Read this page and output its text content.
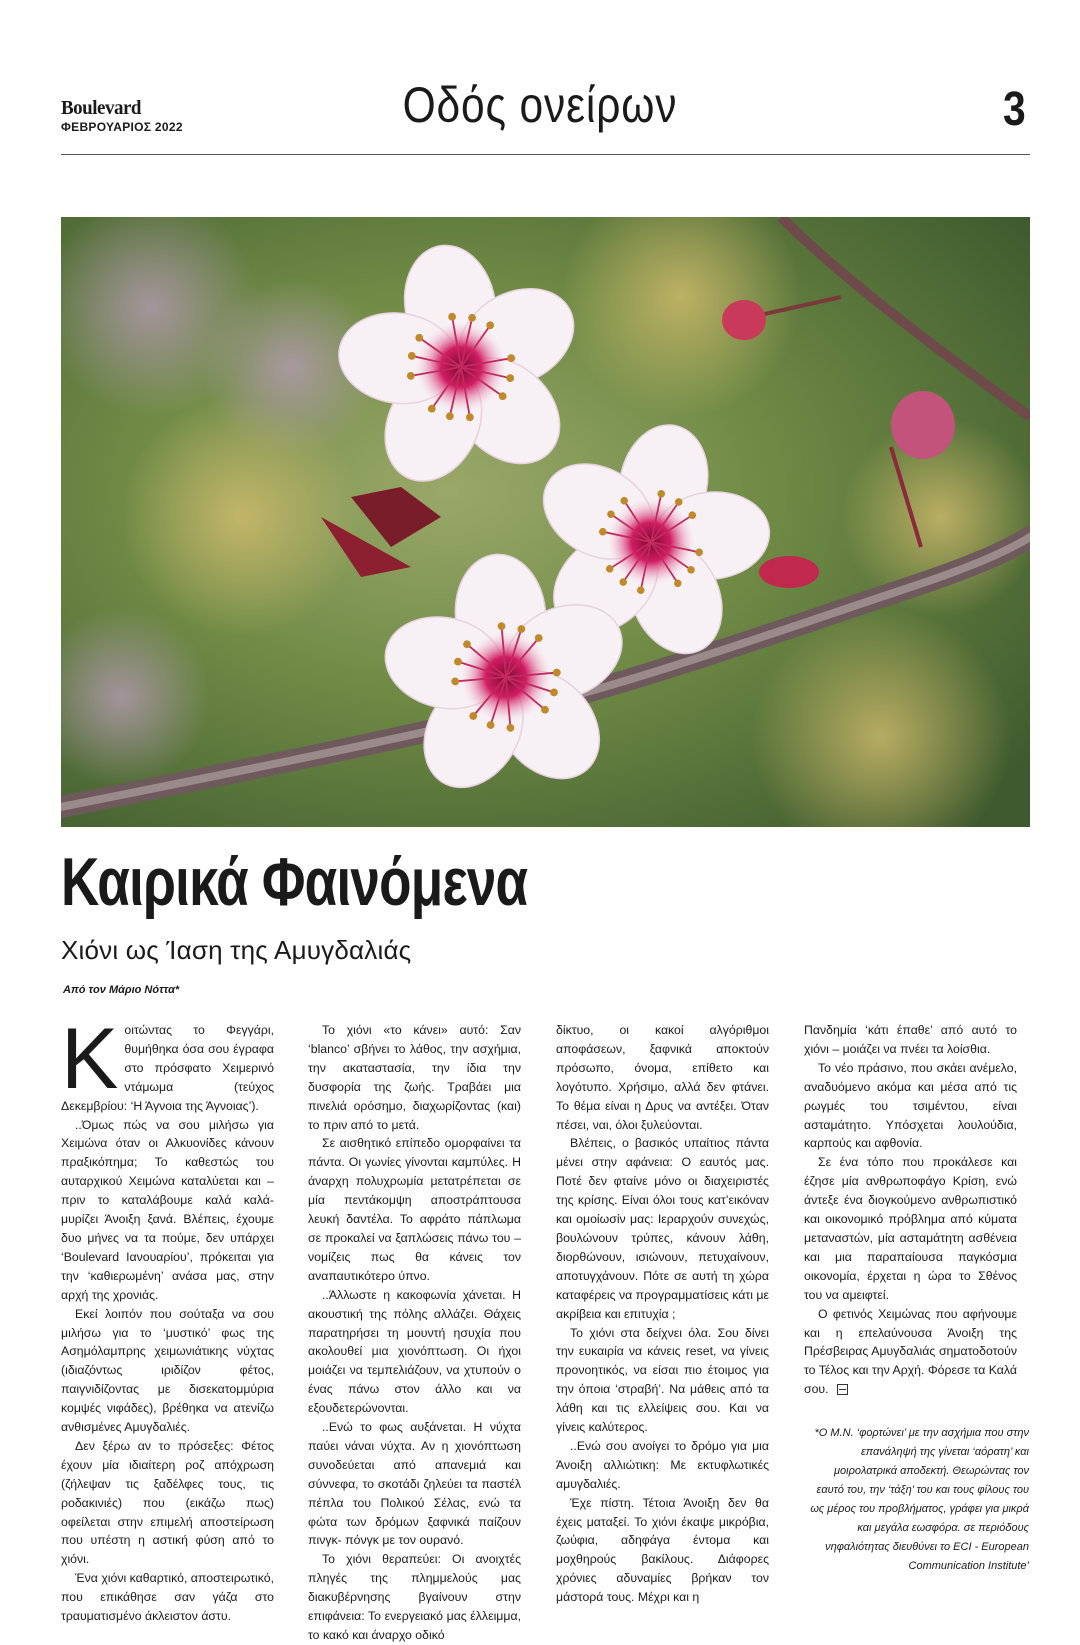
Boulevard
ΦΕΒΡΟΥΑΡΙΟΣ 2022	Οδός ονείρων	3
Καιρικά Φαινόμενα
Χιόνι ως Ίαση της Αμυγδαλιάς
Από τον Μάριο Νόττα*

Κοιτώντας το Φεγγάρι, θυμήθηκα όσα σου έγραφα στο πρόσφατο Χειμερινό ντάμωμα (τεύχος Δεκεμβρίου: ‘Η Άγνοια της Άγνοιας’).

..Όμως πώς να σου μιλήσω για Χειμώνα όταν οι Αλκυονίδες κάνουν πραξικόπημα; Το καθεστώς του αυταρχικού Χειμώνα καταλύεται και –πριν το καταλάβουμε καλά καλά- μυρίζει Άνοιξη ξανά. Βλέπεις, έχουμε δυο μήνες να τα πούμε, δεν υπάρχει ‘Boulevard Ιανουαρίου’, πρόκειται για την ‘καθιερωμένη’ ανάσα μας, στην αρχή της χρονιάς.

Εκεί λοιπόν που σούταξα να σου μιλήσω για το ‘μυστικό’ φως της Ασημόλαμπρης χειμωνιάτικης νύχτας (ιδιαζόντως ιριδίζον φέτος, παιγνιδίζοντας με δισεκατομμύρια κομψές νιφάδες), βρέθηκα να ατενίζω ανθισμένες Αμυγδαλιές.

Δεν ξέρω αν το πρόσεξες: Φέτος έχουν μία ιδιαίτερη ροζ απόχρωση (ζήλεψαν τις ξαδέλφες τους, τις ροδακινιές) που (εικάζω πως) οφείλεται στην επιμελή αποστείρωση που υπέστη η αστική φύση από το χιόνι.

Ένα χιόνι καθαρτικό, αποστειρωτικό, που επικάθησε σαν γάζα στο τραυματισμένο άκλειστον άστυ.

Το χιόνι «το κάνει» αυτό: Σαν ‘blanco’ σβήνει το λάθος, την ασχήμια, την ακαταστασία, την ίδια την δυσφορία της ζωής. Τραβάει μια πινελιά ορόσημο, διαχωρίζοντας (και) το πριν από το μετά.

Σε αισθητικό επίπεδο ομορφαίνει τα πάντα. Οι γωνίες γίνονται καμπύλες. Η άναρχη πολυχρωμία μετατρέπεται σε μία πεντάκομψη αποστράπτουσα λευκή δαντέλα. Το αφράτο πάπλωμα σε προκαλεί να ξαπλώσεις πάνω του – νομίζεις πως θα κάνεις τον αναπαυτικότερο ύπνο.

..Άλλωστε η κακοφωνία χάνεται. Η ακουστική της πόλης αλλάζει. Θάχεις παρατηρήσει τη μουντή ησυχία που ακολουθεί μια χιονόπτωση. Οι ήχοι μοιάζει να τεμπελιάζουν, να χτυπούν ο ένας πάνω στον άλλο και να εξουδετερώνονται.

..Ενώ το φως αυξάνεται. Η νύχτα παύει νάναι νύχτα. Αν η χιονόπτωση συνοδεύεται από απανεμιά και σύννεφα, το σκοτάδι ζηλεύει τα παστέλ πέπλα του Πολικού Σέλας, ενώ τα φώτα των δρόμων ξαφνικά παίζουν πινγκ- πόνγκ με τον ουρανό.

Το χιόνι θεραπεύει: Οι ανοιχτές πληγές της πλημμελούς μας διακυβέρνησης βγαίνουν στην επιφάνεια: Το ενεργειακό μας έλλειμμα, το κακό και άναρχο οδικό

δίκτυο, οι κακοί αλγόριθμοι αποφάσεων, ξαφνικά αποκτούν πρόσωπο, όνομα, επίθετο και λογότυπο. Χρήσιμο, αλλά δεν φτάνει. Το θέμα είναι η Δρυς να αντέξει. Όταν πέσει, ναι, όλοι ξυλεύονται.

Βλέπεις, ο βασικός υπαίτιος πάντα μένει στην αφάνεια: Ο εαυτός μας. Ποτέ δεν φταίνε μόνο οι διαχειριστές της κρίσης. Είναι όλοι τους κατ’εικόναν και ομοίωσίν μας: Ιεραρχούν συνεχώς, βουλώνουν τρύπες, κάνουν λάθη, διορθώνουν, ισιώνουν, πετυχαίνουν, αποτυγχάνουν. Πότε σε αυτή τη χώρα καταφέρεις να προγραμματίσεις κάτι με ακρίβεια και επιτυχία ;

Το χιόνι στα δείχνει όλα. Σου δίνει την ευκαιρία να κάνεις reset, να γίνεις προνοητικός, να είσαι πιο έτοιμος για την όποια ‘στραβή’. Να μάθεις από τα λάθη και τις ελλείψεις σου. Και να γίνεις καλύτερος.

..Ενώ σου ανοίγει το δρόμο για μια Άνοιξη αλλιώτικη: Με εκτυφλωτικές αμυγδαλιές.

Έχε πίστη. Τέτοια Άνοιξη δεν θα έχεις ματαξεί. Το χιόνι έκαψε μικρόβια, ζωύφια, αδηφάγα έντομα και μοχθηρούς βακίλους. Διάφορες χρόνιες αδυναμίες βρήκαν τον μάστορά τους. Μέχρι και η

Πανδημία ‘κάτι έπαθε’ από αυτό το χιόνι – μοιάζει να πνέει τα λοίσθια.

Το νέο πράσινο, που σκάει ανέμελο, αναδυόμενο ακόμα και μέσα από τις ρωγμές του τσιμέντου, είναι ασταμάτητο. Υπόσχεται λουλούδια, καρπούς και αφθονία.

Σε ένα τόπο που προκάλεσε και έζησε μία ανθρωποφάγο Κρίση, ενώ άντεξε ένα διογκούμενο ανθρωπιστικό και οικονομικό πρόβλημα από κύματα μεταναστών, μία ασταμάτητη ασθένεια και μια παραπαίουσα παγκόσμια οικονομία, έρχεται η ώρα το Σθένος του να αμειφτεί.

Ο φετινός Χειμώνας που αφήνουμε και η επελαύνουσα Άνοιξη της Πρέσβειρας Αμυγδαλιάς σηματοδοτούν το Τέλος και την Αρχή. Φόρεσε τα Καλά σου.

*Ο Μ.Ν. ‘φορτώνει’ με την ασχήμια που στην επανάληψή της γίνεται ‘αόρατη’ και μοιρολατρικά αποδεκτή. Θεωρώντας τον εαυτό του, την ‘τάξη’ του και τους φίλους του ως μέρος του προβλήματος, γράφει για μικρά και μεγάλα εωσφόρα. σε περιόδους νηφαλιότητας διευθύνει το ECI - European Communication Institute’
